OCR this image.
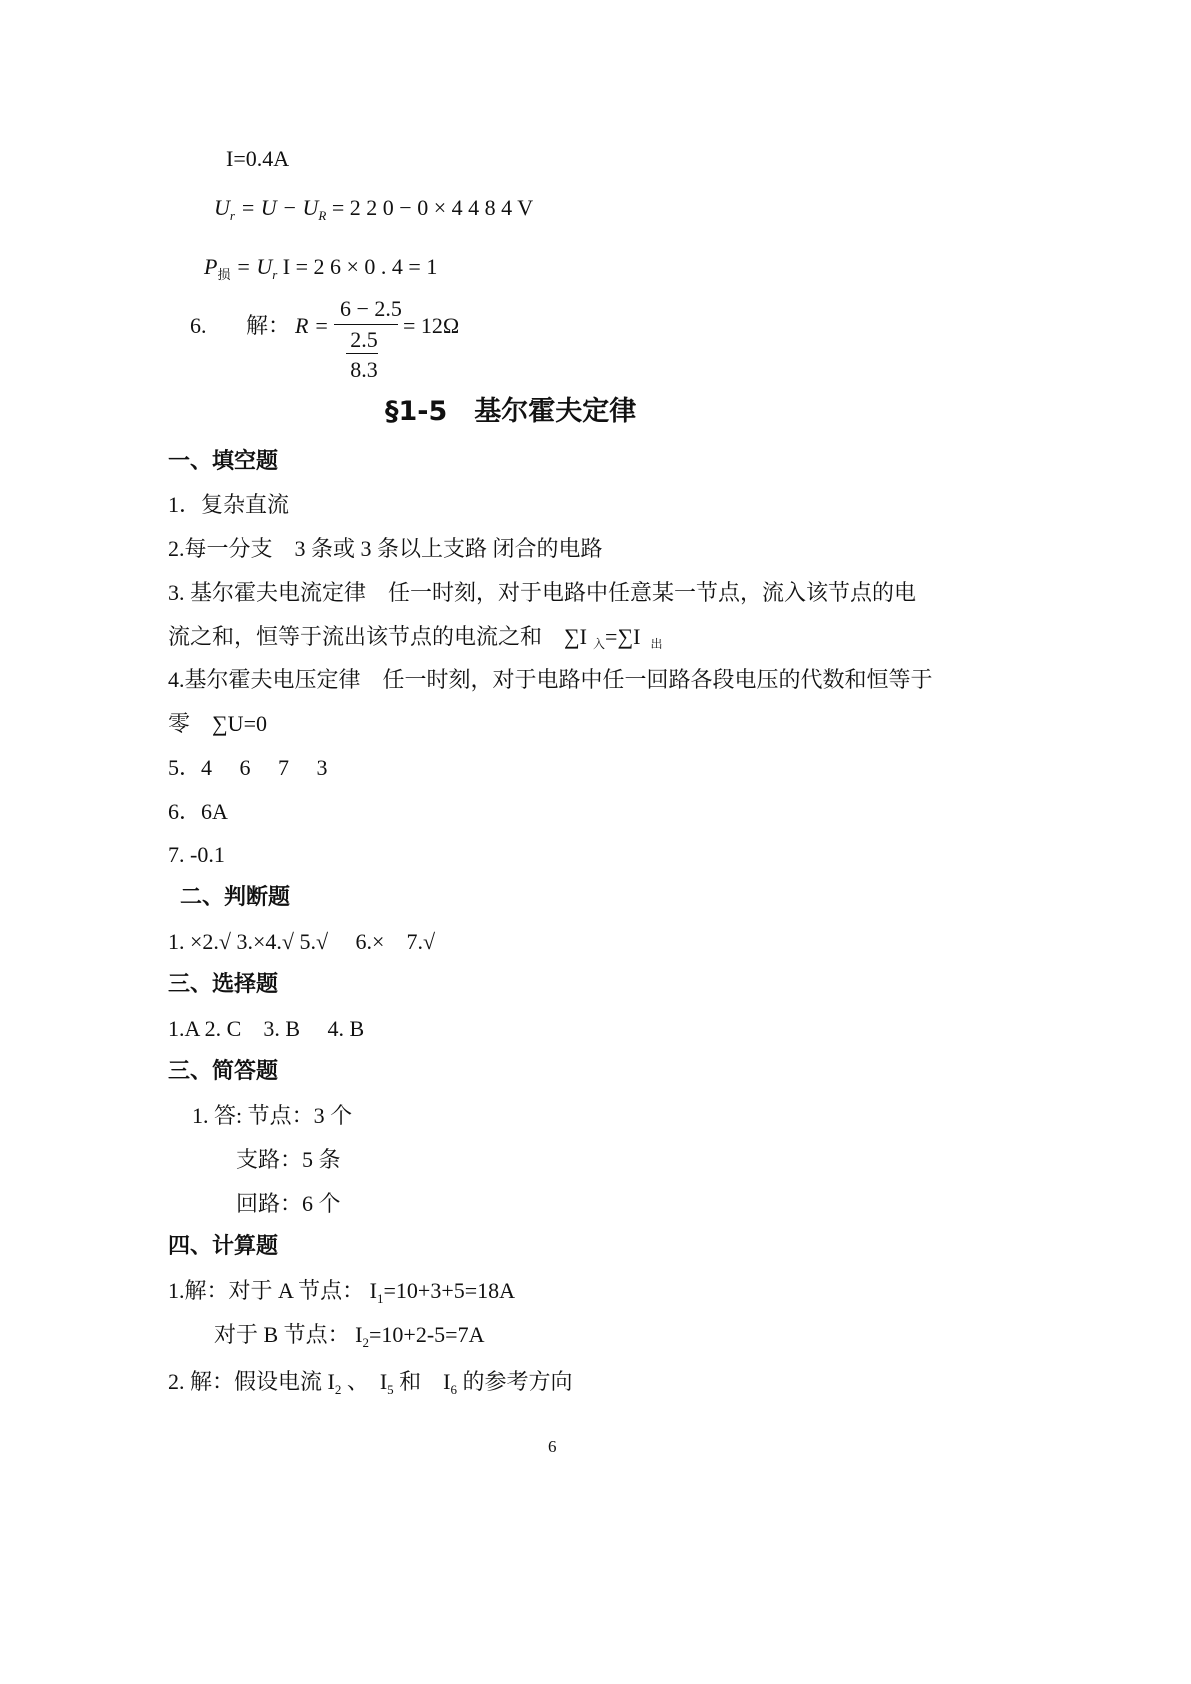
I=0.4A
$U_r = U - U_R = 2$ 2 0 − 0 × 4 4 8 4 V
$P_损 = U_r$ I = 2 6 × 0 . 4 = 1
6. 解： R =
6 − 2.5
2.5
8.3
= 12Ω
§1-5　基尔霍夫定律
一、填空题
1．复杂直流
2.每一分支　3 条或 3 条以上支路 闭合的电路
3. 基尔霍夫电流定律　任一时刻，对于电路中任意某一节点，流入该节点的电
流之和，恒等于流出该节点的电流之和　∑I 入=∑I 出
4.基尔霍夫电压定律　任一时刻，对于电路中任一回路各段电压的代数和恒等于
零　∑U=0
5．4　 6　 7　 3
6．6A
7. -0.1
二、判断题
1. ×2.√ 3.×4.√ 5.√　 6.×　7.√
三、选择题
1.A 2. C　3. B　 4. B
三、简答题
1. 答: 节点：3 个
支路：5 条
回路：6 个
四、计算题
1.解：对于 A 节点： $I_1=10+3+5=18A$
对于 B 节点： $I_2=10+2-5=7A$
2. 解：假设电流 $I_2$ 、　$I_5$ 和　$I_6$ 的参考方向
6
